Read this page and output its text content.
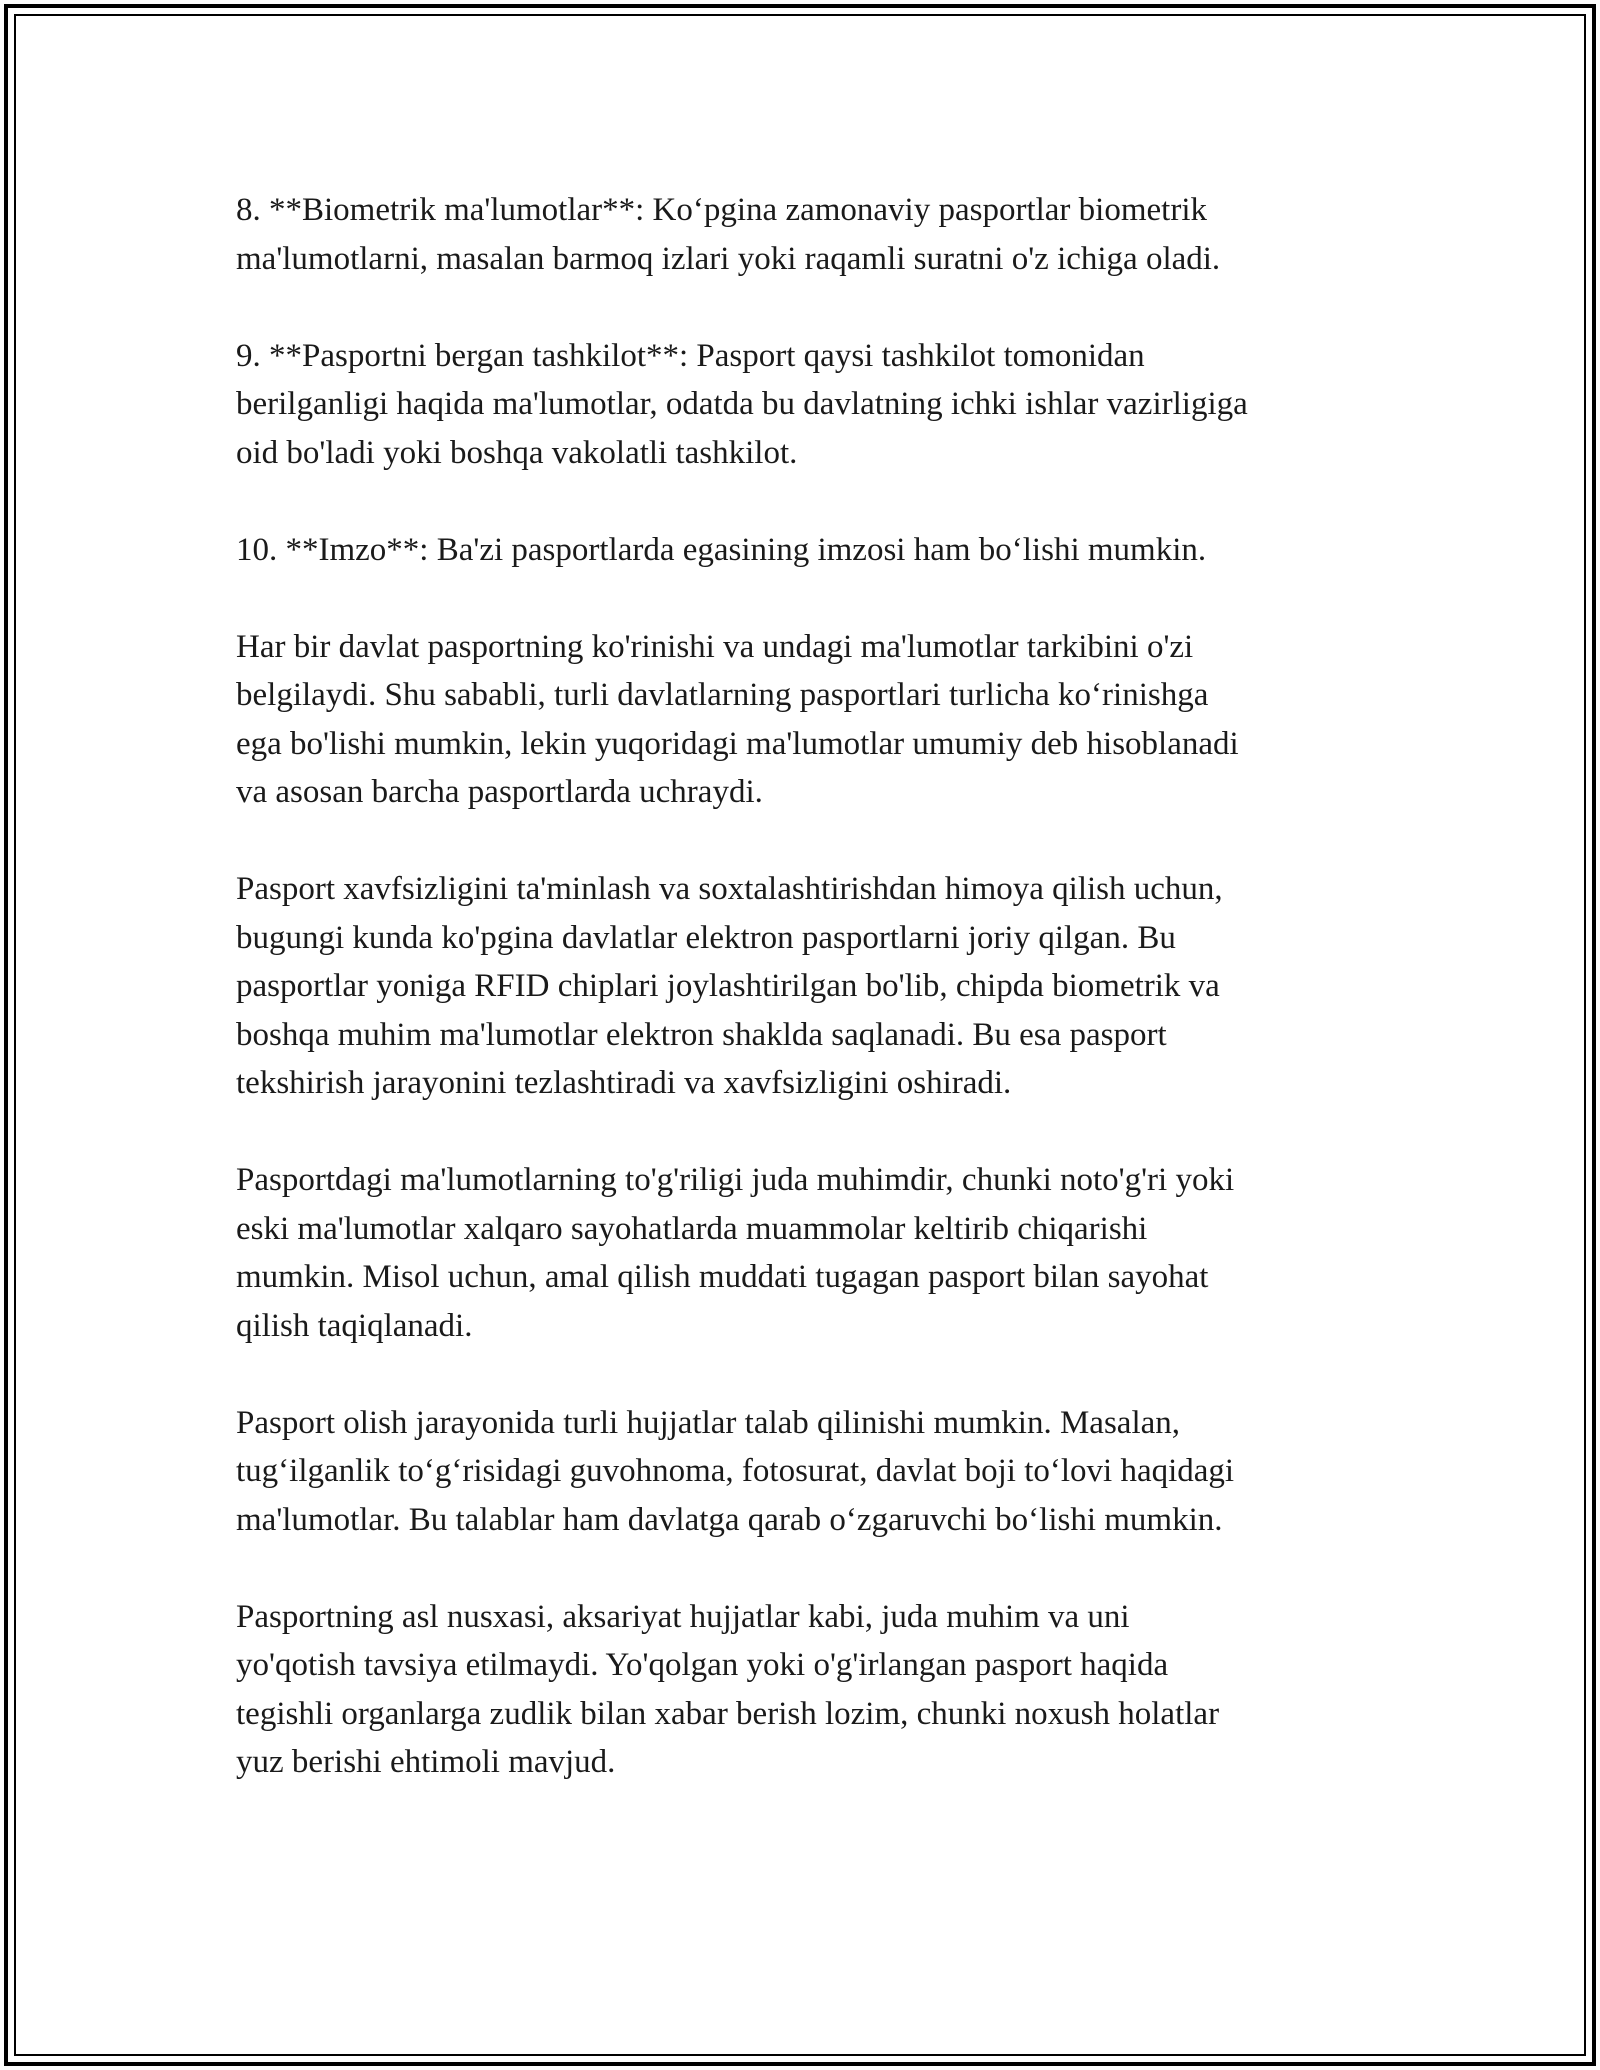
8. **Biometrik ma'lumotlar**: Ko‘pgina zamonaviy pasportlar biometrik
ma'lumotlarni, masalan barmoq izlari yoki raqamli suratni o'z ichiga oladi.

9. **Pasportni bergan tashkilot**: Pasport qaysi tashkilot tomonidan
berilganligi haqida ma'lumotlar, odatda bu davlatning ichki ishlar vazirligiga
oid bo'ladi yoki boshqa vakolatli tashkilot.

10. **Imzo**: Ba'zi pasportlarda egasining imzosi ham bo‘lishi mumkin.

Har bir davlat pasportning ko'rinishi va undagi ma'lumotlar tarkibini o'zi
belgilaydi. Shu sababli, turli davlatlarning pasportlari turlicha ko‘rinishga
ega bo'lishi mumkin, lekin yuqoridagi ma'lumotlar umumiy deb hisoblanadi
va asosan barcha pasportlarda uchraydi.

Pasport xavfsizligini ta'minlash va soxtalashtirishdan himoya qilish uchun,
bugungi kunda ko'pgina davlatlar elektron pasportlarni joriy qilgan. Bu
pasportlar yoniga RFID chiplari joylashtirilgan bo'lib, chipda biometrik va
boshqa muhim ma'lumotlar elektron shaklda saqlanadi. Bu esa pasport
tekshirish jarayonini tezlashtiradi va xavfsizligini oshiradi.

Pasportdagi ma'lumotlarning to'g'riligi juda muhimdir, chunki noto'g'ri yoki
eski ma'lumotlar xalqaro sayohatlarda muammolar keltirib chiqarishi
mumkin. Misol uchun, amal qilish muddati tugagan pasport bilan sayohat
qilish taqiqlanadi.

Pasport olish jarayonida turli hujjatlar talab qilinishi mumkin. Masalan,
tug‘ilganlik to‘g‘risidagi guvohnoma, fotosurat, davlat boji to‘lovi haqidagi
ma'lumotlar. Bu talablar ham davlatga qarab o‘zgaruvchi bo‘lishi mumkin.

Pasportning asl nusxasi, aksariyat hujjatlar kabi, juda muhim va uni
yo'qotish tavsiya etilmaydi. Yo'qolgan yoki o'g'irlangan pasport haqida
tegishli organlarga zudlik bilan xabar berish lozim, chunki noxush holatlar
yuz berishi ehtimoli mavjud.
